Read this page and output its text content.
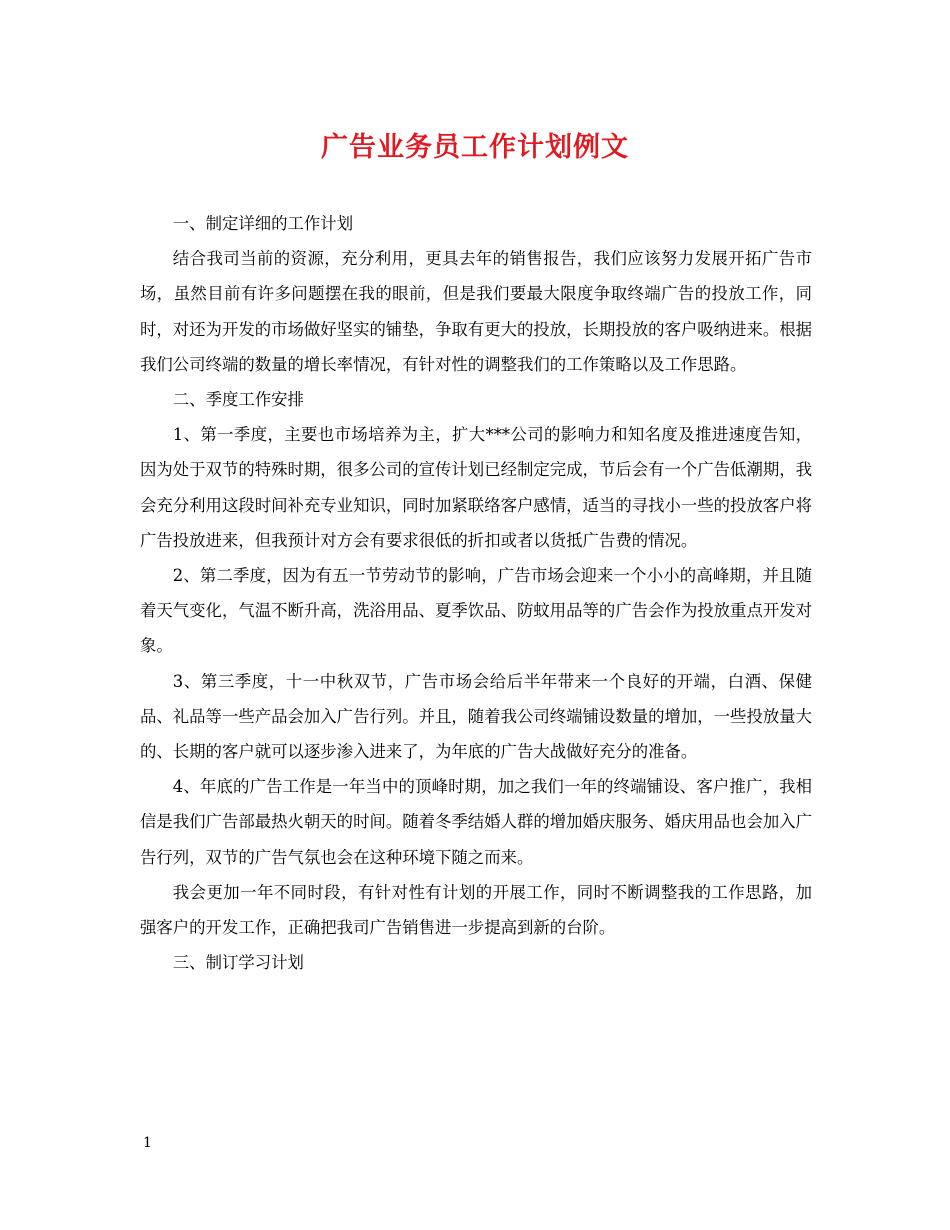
广告业务员工作计划例文

一、制定详细的工作计划

结合我司当前的资源，充分利用，更具去年的销售报告，我们应该努力发展开拓广告市场，虽然目前有许多问题摆在我的眼前，但是我们要最大限度争取终端广告的投放工作，同时，对还为开发的市场做好坚实的铺垫，争取有更大的投放，长期投放的客户吸纳进来。根据我们公司终端的数量的增长率情况，有针对性的调整我们的工作策略以及工作思路。

二、季度工作安排

1、第一季度，主要也市场培养为主，扩大***公司的影响力和知名度及推进速度告知，因为处于双节的特殊时期，很多公司的宣传计划已经制定完成，节后会有一个广告低潮期，我会充分利用这段时间补充专业知识，同时加紧联络客户感情，适当的寻找小一些的投放客户将广告投放进来，但我预计对方会有要求很低的折扣或者以货抵广告费的情况。

2、第二季度，因为有五一节劳动节的影响，广告市场会迎来一个小小的高峰期，并且随着天气变化，气温不断升高，洗浴用品、夏季饮品、防蚊用品等的广告会作为投放重点开发对象。

3、第三季度，十一中秋双节，广告市场会给后半年带来一个良好的开端，白酒、保健品、礼品等一些产品会加入广告行列。并且，随着我公司终端铺设数量的增加，一些投放量大的、长期的客户就可以逐步渗入进来了，为年底的广告大战做好充分的准备。

4、年底的广告工作是一年当中的顶峰时期，加之我们一年的终端铺设、客户推广，我相信是我们广告部最热火朝天的时间。随着冬季结婚人群的增加婚庆服务、婚庆用品也会加入广告行列，双节的广告气氛也会在这种环境下随之而来。

我会更加一年不同时段，有针对性有计划的开展工作，同时不断调整我的工作思路，加强客户的开发工作，正确把我司广告销售进一步提高到新的台阶。

三、制订学习计划

1
